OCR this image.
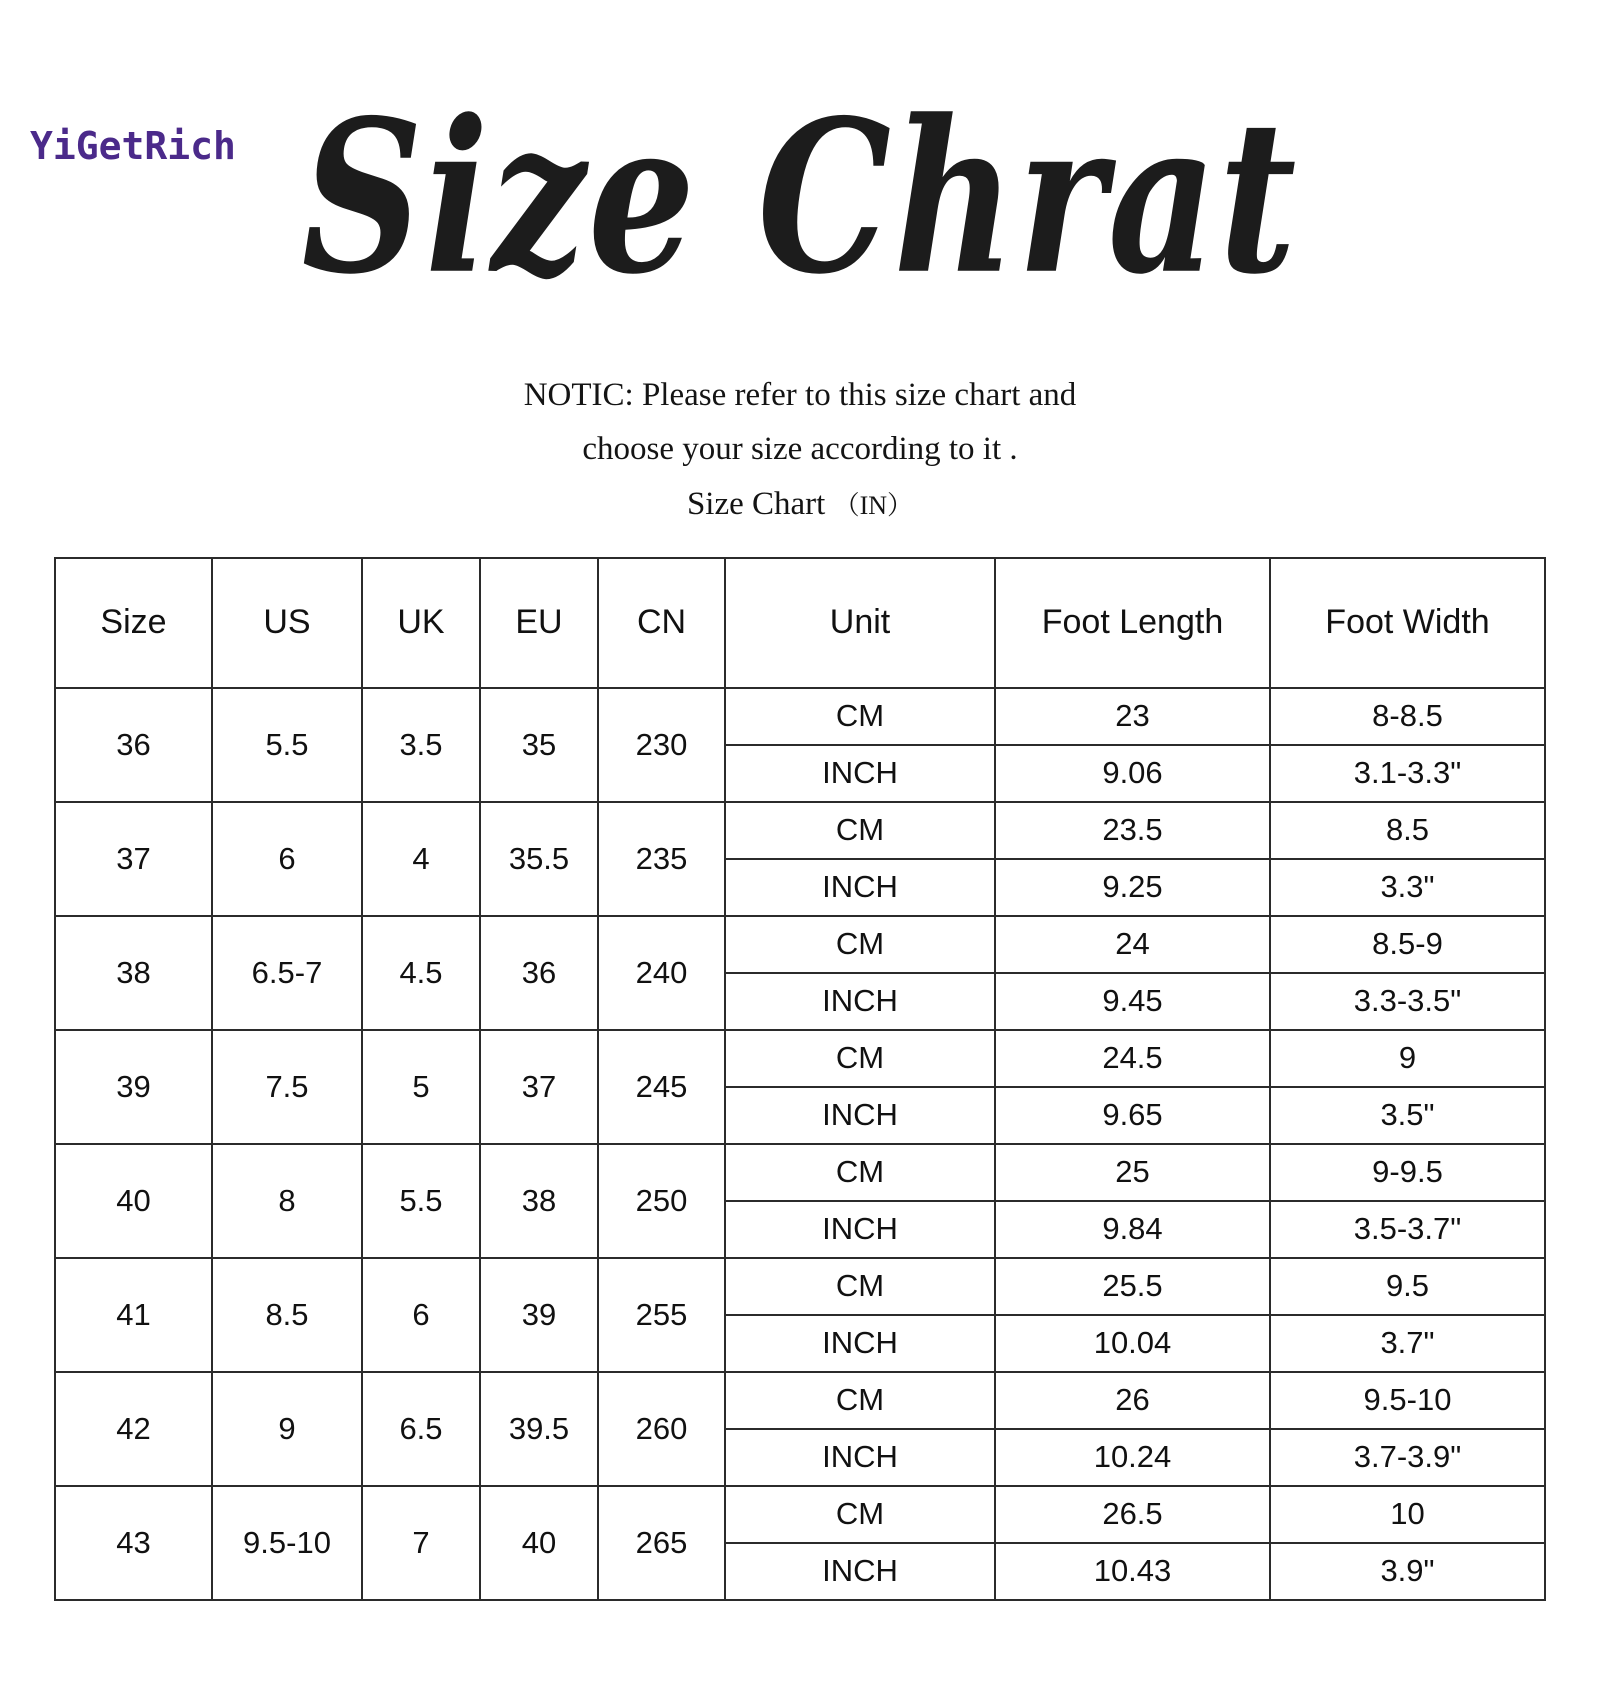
YiGetRich Size Chrat
NOTIC: Please refer to this size chart and
choose your size according to it .
Size Chart （IN）
Size	US	UK	EU	CN	Unit	Foot Length	Foot Width
36	5.5	3.5	35	230	CM	23	8-8.5
					INCH	9.06	3.1-3.3"
37	6	4	35.5	235	CM	23.5	8.5
					INCH	9.25	3.3"
38	6.5-7	4.5	36	240	CM	24	8.5-9
					INCH	9.45	3.3-3.5"
39	7.5	5	37	245	CM	24.5	9
					INCH	9.65	3.5"
40	8	5.5	38	250	CM	25	9-9.5
					INCH	9.84	3.5-3.7"
41	8.5	6	39	255	CM	25.5	9.5
					INCH	10.04	3.7"
42	9	6.5	39.5	260	CM	26	9.5-10
					INCH	10.24	3.7-3.9"
43	9.5-10	7	40	265	CM	26.5	10
					INCH	10.43	3.9"
